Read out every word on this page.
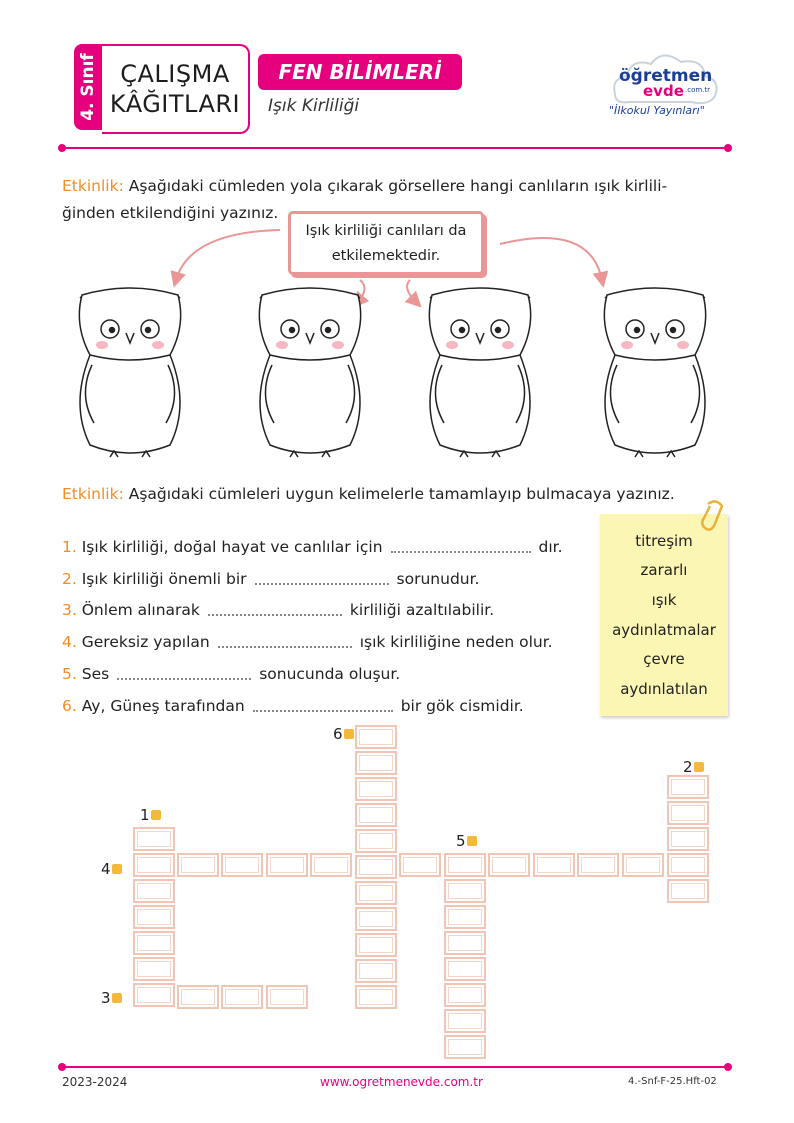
4. Sınıf ÇALIŞMA
KÂĞITLARI
FEN BİLİMLERİ
Işık Kirliliği
öğretmen
evde .com.tr
"İlkokul Yayınları"
Etkinlik: Aşağıdaki cümleden yola çıkarak görsellere hangi canlıların ışık kirlili-
ğinden etkilendiğini yazınız.
Işık kirliliği canlıları da
etkilemektedir.
Etkinlik: Aşağıdaki cümleleri uygun kelimelerle tamamlayıp bulmacaya yazınız.
1. Işık kirliliği, doğal hayat ve canlılar için	dır.
2. Işık kirliliği önemli bir	sorunudur.
3. Önlem alınarak	kirliliği azaltılabilir.
4. Gereksiz yapılan	ışık kirliliğine neden olur.
5. Ses	sonucunda oluşur.
6. Ay, Güneş tarafından	bir gök cismidir.
titreşim
zararlı
ışık
aydınlatmalar
çevre
aydınlatılan
1
2
3
4
5
6
2023-2024	www.ogretmenevde.com.tr	4.-Snf-F-25.Hft-02
